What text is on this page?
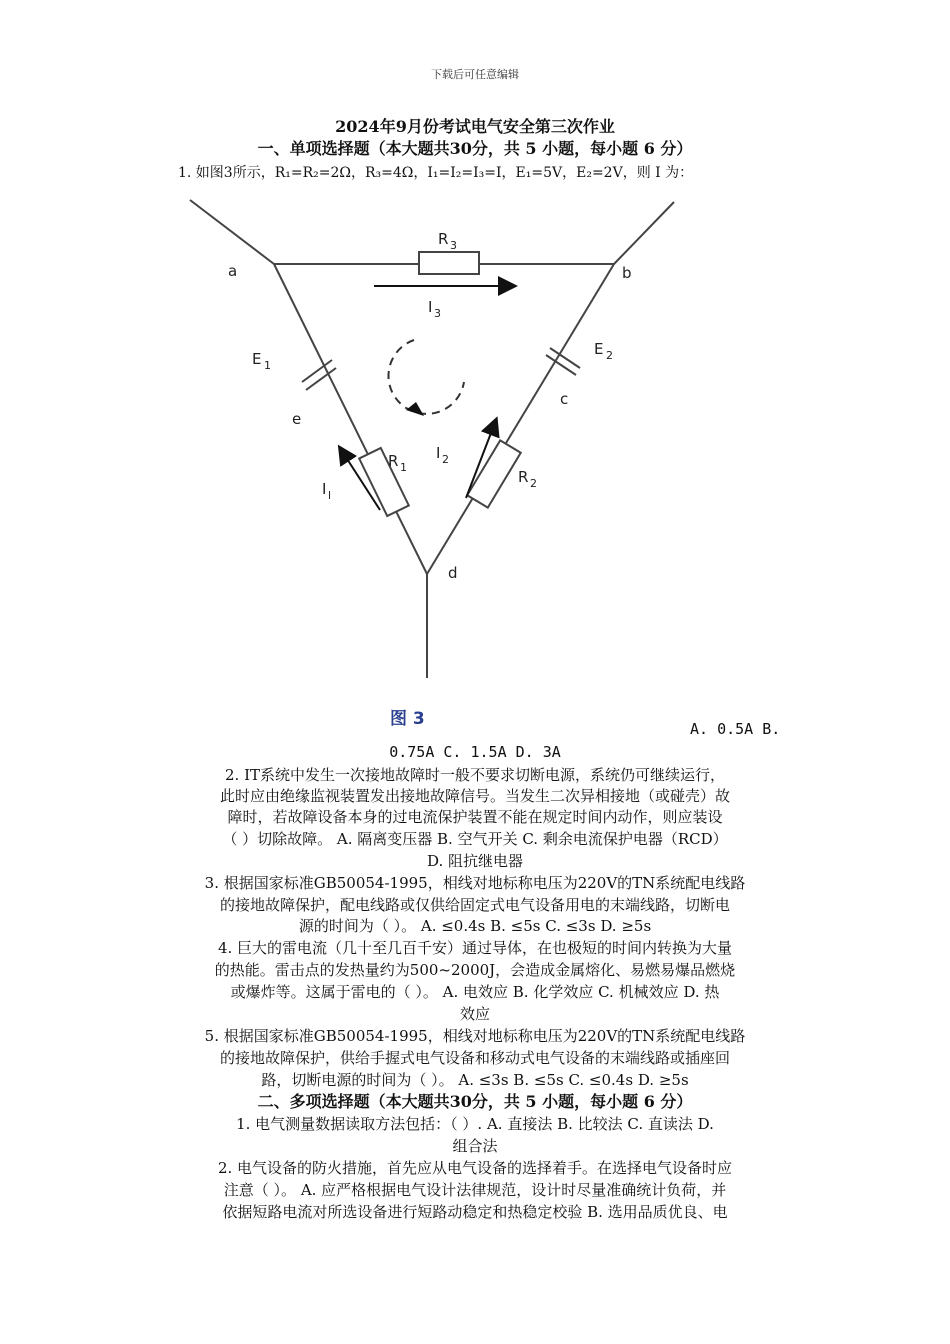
下载后可任意编辑
2024年9月份考试电气安全第三次作业
一、单项选择题（本大题共30分，共 5 小题，每小题 6 分）
1. 如图3所示，R₁=R₂=2Ω，R₃=4Ω，I₁=I₂=I₃=I，E₁=5V，E₂=2V，则 I 为：
a	b
c
d
e
R 3
R 1
R 2
E 1
E 2
I l
I 2
I 3
图 3	A. 0.5A B.
0.75A C. 1.5A D. 3A
2. IT系统中发生一次接地故障时一般不要求切断电源，系统仍可继续运行，
此时应由绝缘监视装置发出接地故障信号。当发生二次异相接地（或碰壳）故
障时，若故障设备本身的过电流保护装置不能在规定时间内动作，则应装设
（ ）切除故障。 A. 隔离变压器 B. 空气开关 C. 剩余电流保护电器（RCD）
D. 阻抗继电器
3. 根据国家标准GB50054-1995，相线对地标称电压为220V的TN系统配电线路
的接地故障保护，配电线路或仅供给固定式电气设备用电的末端线路，切断电
源的时间为（ ）。 A. ≤0.4s B. ≤5s C. ≤3s D. ≥5s
4. 巨大的雷电流（几十至几百千安）通过导体，在也极短的时间内转换为大量
的热能。雷击点的发热量约为500~2000J，会造成金属熔化、易燃易爆品燃烧
或爆炸等。这属于雷电的（ ）。 A. 电效应 B. 化学效应 C. 机械效应 D. 热
效应
5. 根据国家标准GB50054-1995，相线对地标称电压为220V的TN系统配电线路
的接地故障保护，供给手握式电气设备和移动式电气设备的末端线路或插座回
路，切断电源的时间为（ ）。 A. ≤3s B. ≤5s C. ≤0.4s D. ≥5s
二、多项选择题（本大题共30分，共 5 小题，每小题 6 分）
1. 电气测量数据读取方法包括：（ ）. A. 直接法 B. 比较法 C. 直读法 D.
组合法
2. 电气设备的防火措施，首先应从电气设备的选择着手。在选择电气设备时应
注意（ ）。 A. 应严格根据电气设计法律规范，设计时尽量准确统计负荷，并
依据短路电流对所选设备进行短路动稳定和热稳定校验 B. 选用品质优良、电
